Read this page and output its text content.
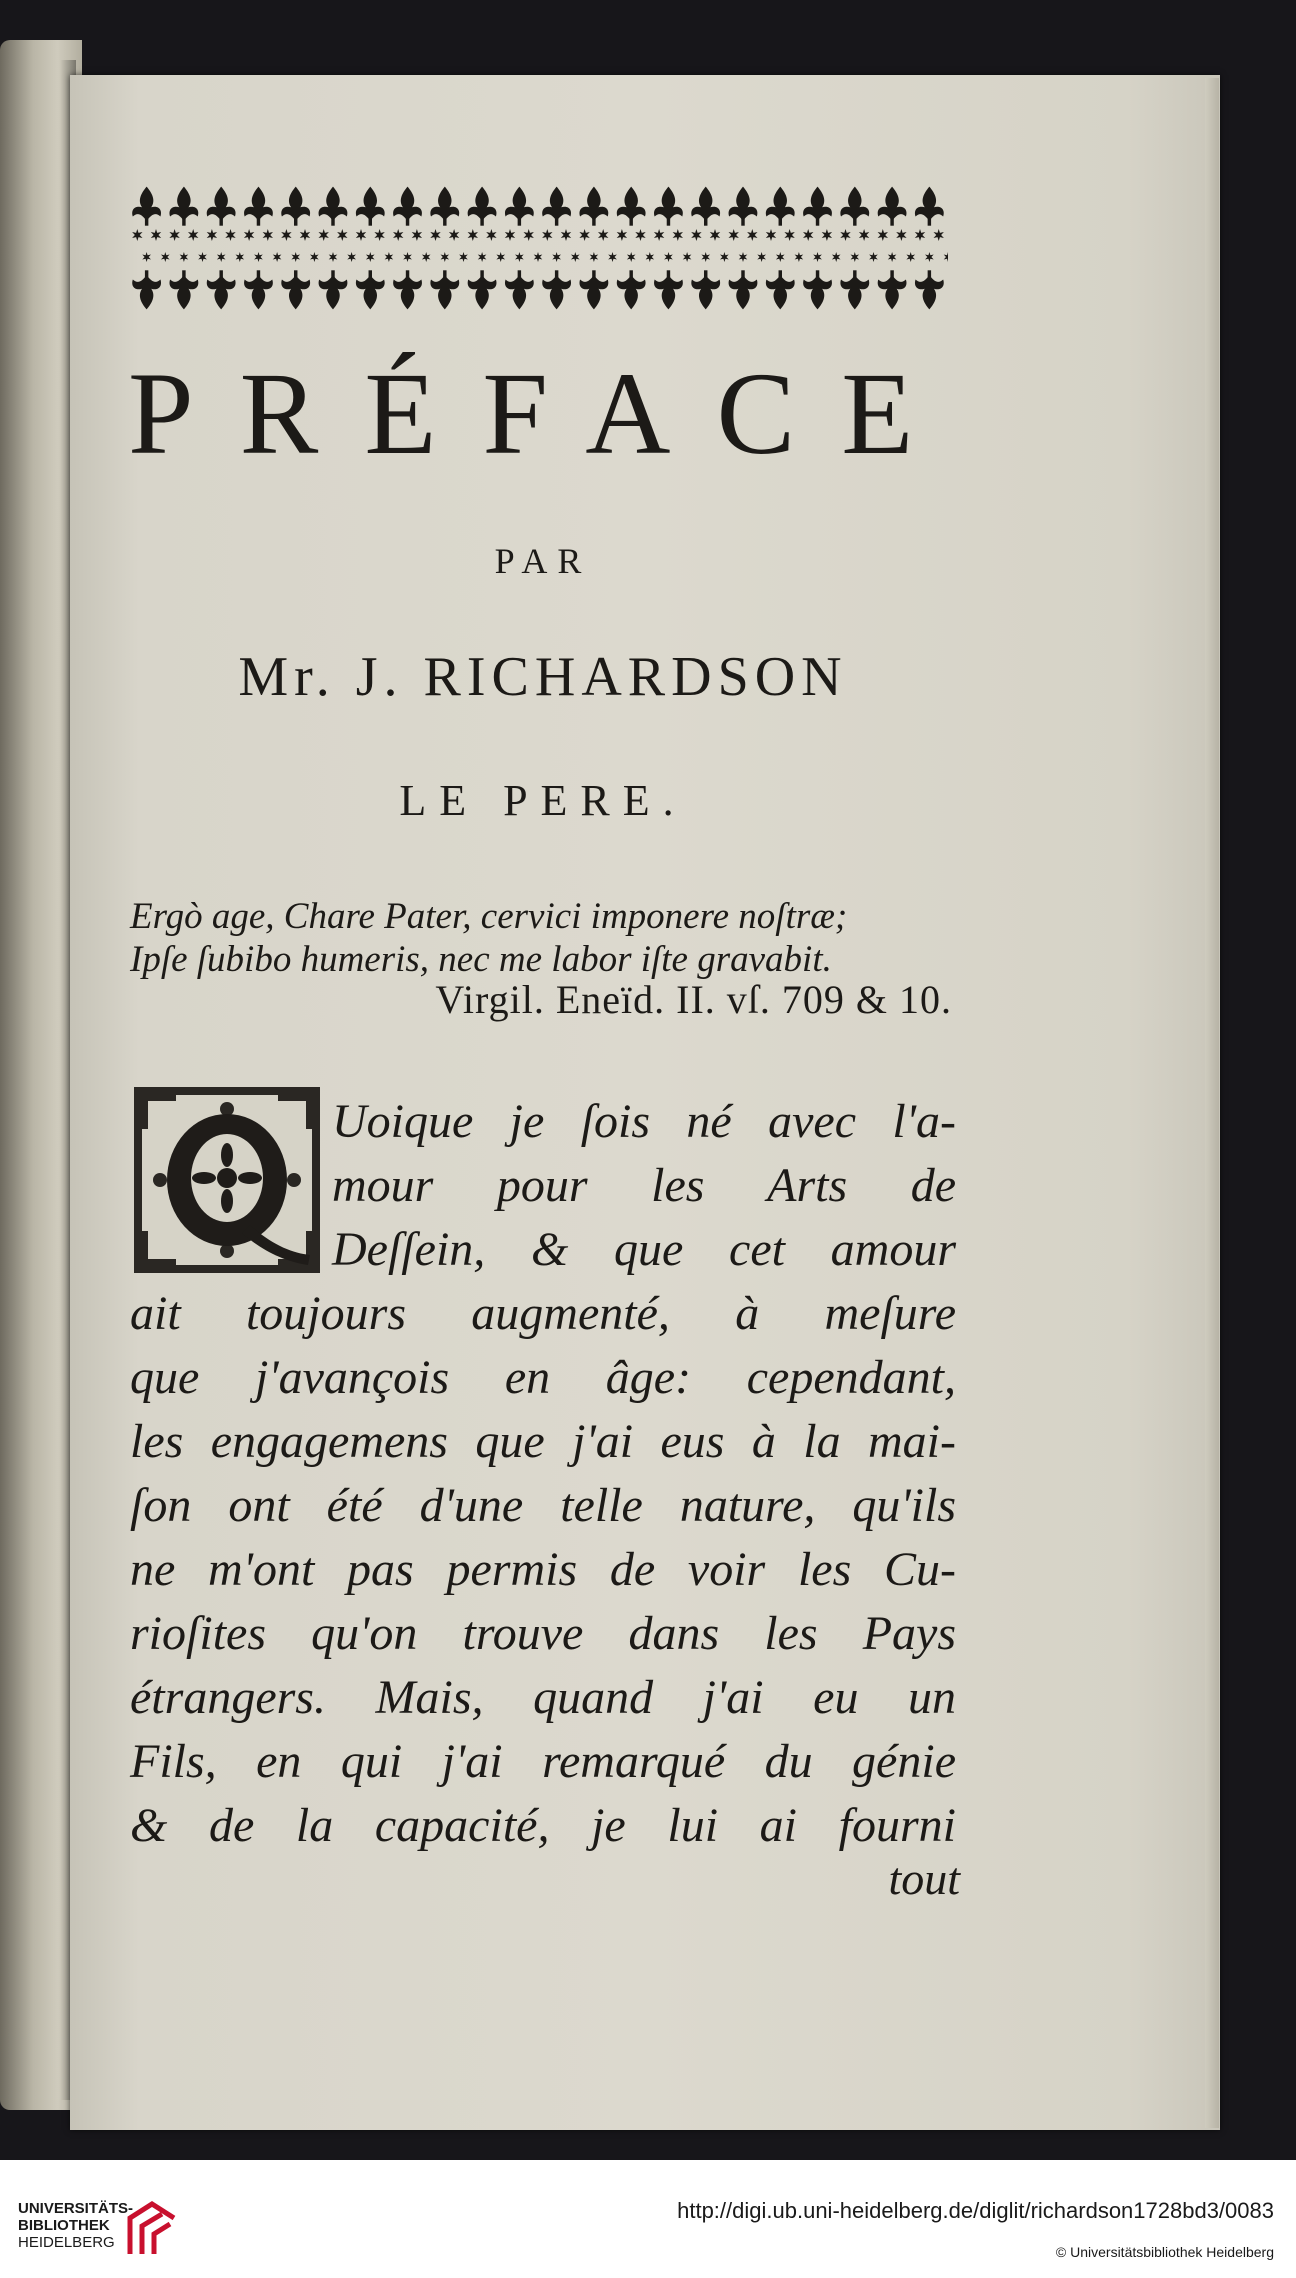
PRÉFACE
PAR
Mr. J. RICHARDSON
LE PERE.
Ergò age, Chare Pater, cervici imponere noſtræ;
Ipſe ſubibo humeris, nec me labor iſte gravabit.
Virgil. Eneïd. II. vſ. 709 & 10.
Uoique je ſois né avec l'a-
mour pour les Arts de
Deſſein, & que cet amour
ait toujours augmenté, à meſure
que j'avançois en âge: cependant,
les engagemens que j'ai eus à la mai-
ſon ont été d'une telle nature, qu'ils
ne m'ont pas permis de voir les Cu-
rioſites qu'on trouve dans les Pays
étrangers. Mais, quand j'ai eu un
Fils, en qui j'ai remarqué du génie
& de la capacité, je lui ai fourni
tout
UNIVERSITÄTS-
BIBLIOTHEK
HEIDELBERG
http://digi.ub.uni-heidelberg.de/diglit/richardson1728bd3/0083
© Universitätsbibliothek Heidelberg
